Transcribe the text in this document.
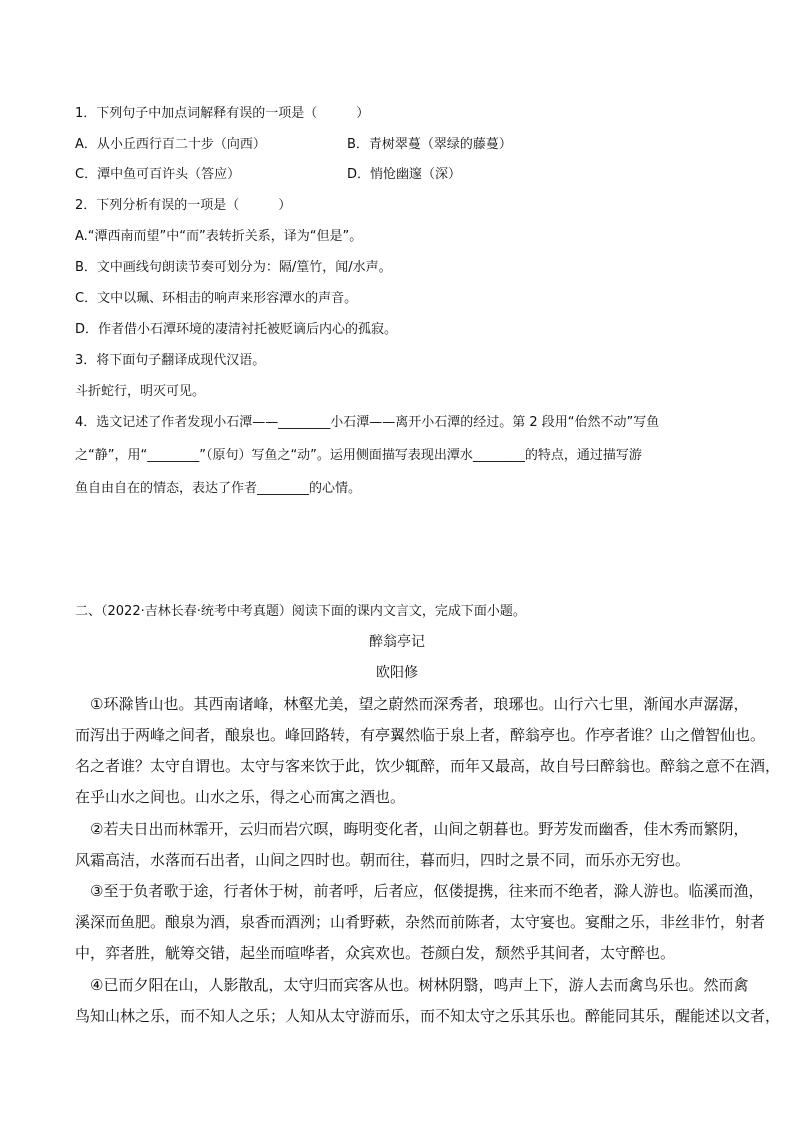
1．下列句子中加点词解释有误的一项是（　　　）
A．从小丘西行百二十步（向西）	B．青树翠蔓（翠绿的藤蔓）
C．潭中鱼可百许头（答应）	D．悄怆幽邃（深）
2．下列分析有误的一项是（　　　）
A.“潭西南而望”中“而”表转折关系，译为“但是”。
B．文中画线句朗读节奏可划分为：隔/篁竹，闻/水声。
C．文中以珮、环相击的响声来形容潭水的声音。
D．作者借小石潭环境的凄清衬托被贬谪后内心的孤寂。
3．将下面句子翻译成现代汉语。
斗折蛇行，明灭可见。
4．选文记述了作者发现小石潭——________小石潭——离开小石潭的经过。第 2 段用“佁然不动”写鱼
之“静”，用“________”（原句）写鱼之“动”。运用侧面描写表现出潭水________的特点，通过描写游
鱼自由自在的情态，表达了作者________的心情。
二、（2022·吉林长春·统考中考真题）阅读下面的课内文言文，完成下面小题。
醉翁亭记
欧阳修
①环滁皆山也。其西南诸峰，林壑尤美，望之蔚然而深秀者，琅琊也。山行六七里，渐闻水声潺潺，
而泻出于两峰之间者，酿泉也。峰回路转，有亭翼然临于泉上者，醉翁亭也。作亭者谁？山之僧智仙也。
名之者谁？太守自谓也。太守与客来饮于此，饮少辄醉，而年又最高，故自号曰醉翁也。醉翁之意不在酒，
在乎山水之间也。山水之乐，得之心而寓之酒也。
②若夫日出而林霏开，云归而岩穴暝，晦明变化者，山间之朝暮也。野芳发而幽香，佳木秀而繁阴，
风霜高洁，水落而石出者，山间之四时也。朝而往，暮而归，四时之景不同，而乐亦无穷也。
③至于负者歌于途，行者休于树，前者呼，后者应，伛偻提携，往来而不绝者，滁人游也。临溪而渔，
溪深而鱼肥。酿泉为酒，泉香而酒洌；山肴野蔌，杂然而前陈者，太守宴也。宴酣之乐，非丝非竹，射者
中，弈者胜，觥筹交错，起坐而喧哗者，众宾欢也。苍颜白发，颓然乎其间者，太守醉也。
④已而夕阳在山，人影散乱，太守归而宾客从也。树林阴翳，鸣声上下，游人去而禽鸟乐也。然而禽
鸟知山林之乐，而不知人之乐；人知从太守游而乐，而不知太守之乐其乐也。醉能同其乐，醒能述以文者，
